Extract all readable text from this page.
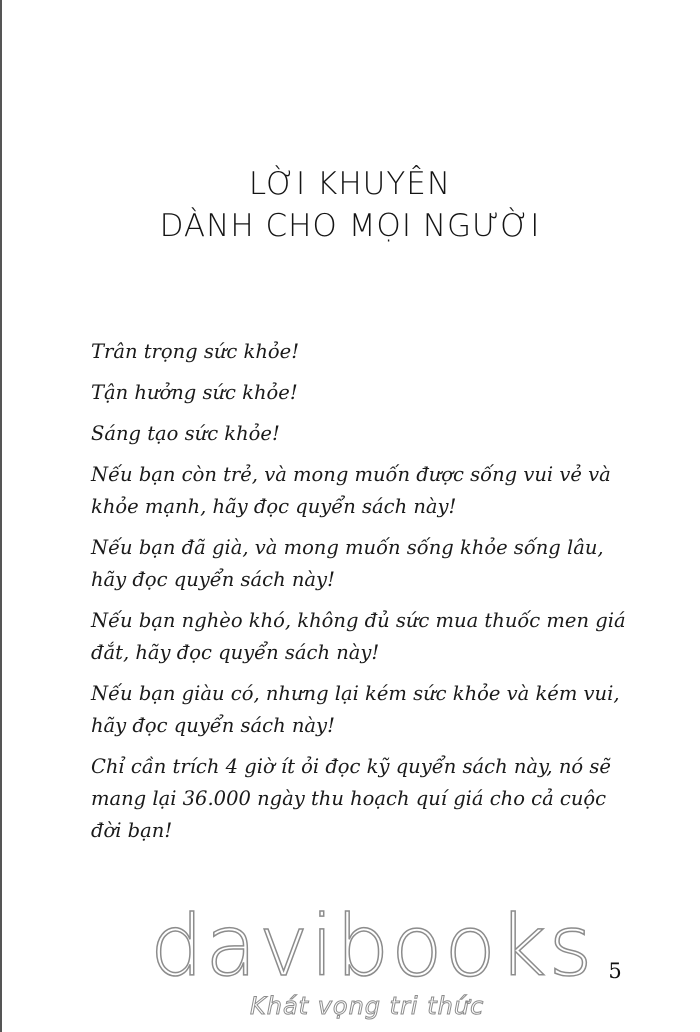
LỜI KHUYÊN
DÀNH CHO MỌI NGƯỜI

Trân trọng sức khỏe!

Tận hưởng sức khỏe!

Sáng tạo sức khỏe!

Nếu bạn còn trẻ, và mong muốn được sống vui vẻ và khỏe mạnh, hãy đọc quyển sách này!

Nếu bạn đã già, và mong muốn sống khỏe sống lâu, hãy đọc quyển sách này!

Nếu bạn nghèo khó, không đủ sức mua thuốc men giá đắt, hãy đọc quyển sách này!

Nếu bạn giàu có, nhưng lại kém sức khỏe và kém vui, hãy đọc quyển sách này!

Chỉ cần trích 4 giờ ít ỏi đọc kỹ quyển sách này, nó sẽ mang lại 36.000 ngày thu hoạch quí giá cho cả cuộc đời bạn!

davibooks
Khát vọng tri thức
5
